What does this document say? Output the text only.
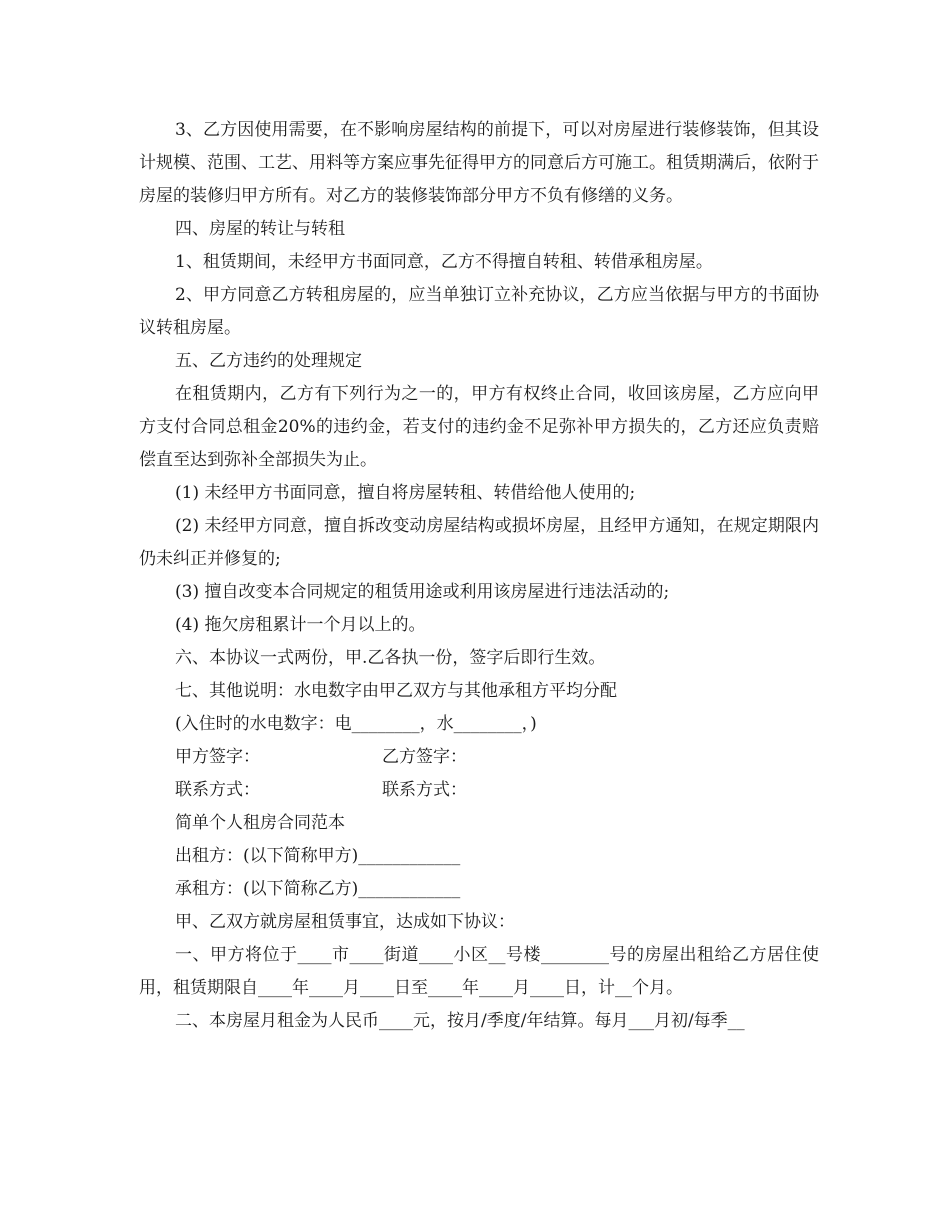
3、乙方因使用需要，在不影响房屋结构的前提下，可以对房屋进行装修装饰，但其设计规模、范围、工艺、用料等方案应事先征得甲方的同意后方可施工。租赁期满后，依附于房屋的装修归甲方所有。对乙方的装修装饰部分甲方不负有修缮的义务。

四、房屋的转让与转租

1、租赁期间，未经甲方书面同意，乙方不得擅自转租、转借承租房屋。

2、甲方同意乙方转租房屋的，应当单独订立补充协议，乙方应当依据与甲方的书面协议转租房屋。

五、乙方违约的处理规定

在租赁期内，乙方有下列行为之一的，甲方有权终止合同，收回该房屋，乙方应向甲方支付合同总租金20%的违约金，若支付的违约金不足弥补甲方损失的，乙方还应负责赔偿直至达到弥补全部损失为止。

(1) 未经甲方书面同意，擅自将房屋转租、转借给他人使用的;

(2) 未经甲方同意，擅自拆改变动房屋结构或损坏房屋，且经甲方通知，在规定期限内仍未纠正并修复的;

(3) 擅自改变本合同规定的租赁用途或利用该房屋进行违法活动的;

(4) 拖欠房租累计一个月以上的。

六、本协议一式两份，甲.乙各执一份，签字后即行生效。

七、其他说明：水电数字由甲乙双方与其他承租方平均分配

(入住时的水电数字：电________，水________，)

甲方签字：	乙方签字：
联系方式：	联系方式：

简单个人租房合同范本

出租方：(以下简称甲方)____________

承租方：(以下简称乙方)____________

甲、乙双方就房屋租赁事宜，达成如下协议：

一、甲方将位于____市____街道____小区__号楼________号的房屋出租给乙方居住使用，租赁期限自____年____月____日至____年____月____日，计__个月。

二、本房屋月租金为人民币____元，按月/季度/年结算。每月___月初/每季__
